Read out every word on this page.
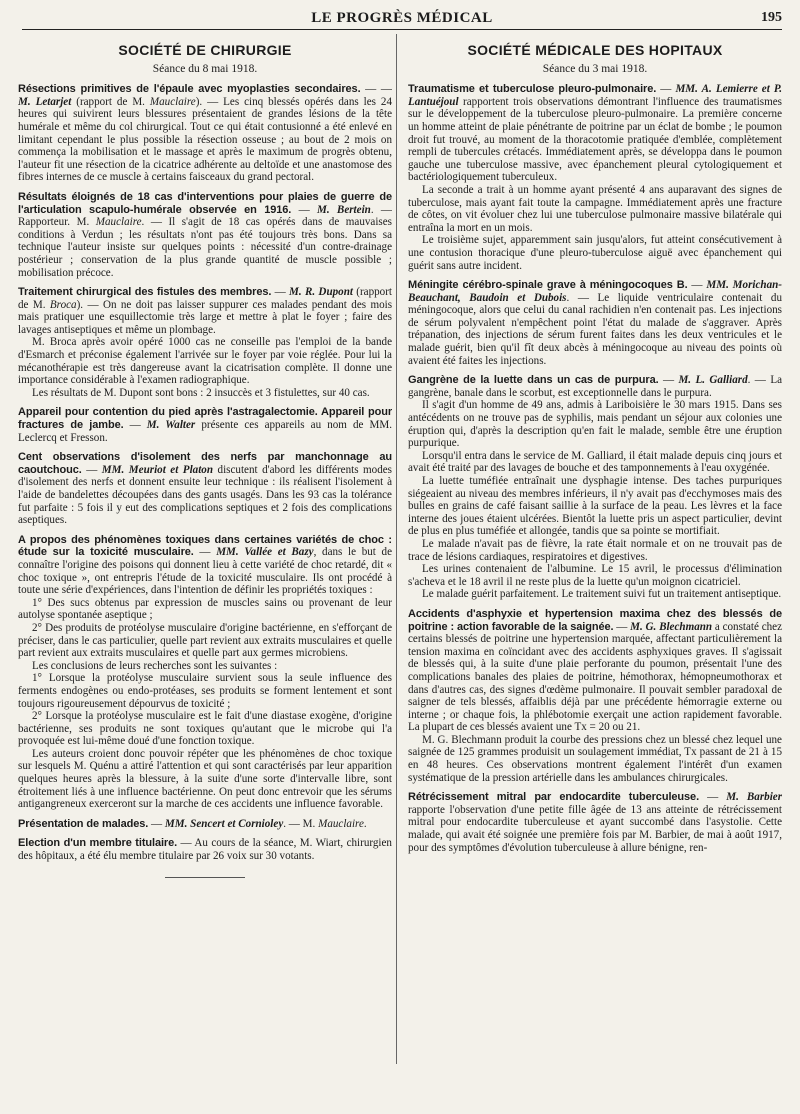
LE PROGRÈS MÉDICAL	195
SOCIÉTÉ DE CHIRURGIE
Séance du 8 mai 1918.

Résections primitives de l'épaule avec myoplasties secondaires. — — M. Letarjet (rapport de M. Mauclaire). — Les cinq blessés opérés dans les 24 heures qui suivirent leurs blessures présentaient de grandes lésions de la tête humérale et même du col chirurgical. Tout ce qui était contusionné a été enlevé en limitant cependant le plus possible la résection osseuse ; au bout de 2 mois on commença la mobilisation et le massage et après le maximum de progrès obtenu, l'auteur fit une résection de la cicatrice adhérente au deltoïde et une anastomose des fibres internes de ce muscle à certains faisceaux du grand pectoral.

Résultats éloignés de 18 cas d'interventions pour plaies de guerre de l'articulation scapulo-humérale observée en 1916. — M. Bertein. — Rapporteur. M. Mauclaire. — Il s'agit de 18 cas opérés dans de mauvaises conditions à Verdun ; les résultats n'ont pas été toujours très bons. Dans sa technique l'auteur insiste sur quelques points : nécessité d'un contre-drainage postérieur ; conservation de la plus grande quantité de muscle possible ; mobilisation précoce.

Traitement chirurgical des fistules des membres. — M. R. Dupont (rapport de M. Broca). — On ne doit pas laisser suppurer ces malades pendant des mois mais pratiquer une esquillectomie très large et mettre à plat le foyer ; faire des lavages antiseptiques et même un plombage.

M. Broca après avoir opéré 1000 cas ne conseille pas l'emploi de la bande d'Esmarch et préconise également l'arrivée sur le foyer par voie réglée. Pour lui la mécanothérapie est très dangereuse avant la cicatrisation complète. Il donne une importance considérable à l'examen radiographique.

Les résultats de M. Dupont sont bons : 2 insuccès et 3 fistulettes, sur 40 cas.

Appareil pour contention du pied après l'astragalectomie. Appareil pour fractures de jambe. — M. Walter présente ces appareils au nom de MM. Leclercq et Fresson.

Cent observations d'isolement des nerfs par manchonnage au caoutchouc. — MM. Meuriot et Platon discutent d'abord les différents modes d'isolement des nerfs et donnent ensuite leur technique : ils réalisent l'isolement à l'aide de bandelettes découpées dans des gants usagés. Dans les 93 cas la tolérance fut parfaite : 5 fois il y eut des complications septiques et 2 fois des complications aseptiques.

A propos des phénomènes toxiques dans certaines variétés de choc : étude sur la toxicité musculaire. — MM. Vallée et Bazy, dans le but de connaître l'origine des poisons qui donnent lieu à cette variété de choc retardé, dit « choc toxique », ont entrepris l'étude de la toxicité musculaire. Ils ont procédé à toute une série d'expériences, dans l'intention de définir les propriétés toxiques :

1° Des sucs obtenus par expression de muscles sains ou provenant de leur autolyse spontanée aseptique ;

2° Des produits de protéolyse musculaire d'origine bactérienne, en s'efforçant de préciser, dans le cas particulier, quelle part revient aux extraits musculaires et quelle part revient aux extraits musculaires et quelle part aux germes microbiens.

Les conclusions de leurs recherches sont les suivantes :

1° Lorsque la protéolyse musculaire survient sous la seule influence des ferments endogènes ou endo-protéases, ses produits se forment lentement et sont toujours rigoureusement dépourvus de toxicité ;

2° Lorsque la protéolyse musculaire est le fait d'une diastase exogène, d'origine bactérienne, ses produits ne sont toxiques qu'autant que le microbe qui l'a provoquée est lui-même doué d'une fonction toxique.

Les auteurs croient donc pouvoir répéter que les phénomènes de choc toxique sur lesquels M. Quénu a attiré l'attention et qui sont caractérisés par leur apparition quelques heures après la blessure, à la suite d'une sorte d'intervalle libre, sont étroitement liés à une influence bactérienne. On peut donc entrevoir que les sérums antigangreneux exerceront sur la marche de ces accidents une influence favorable.

Présentation de malades. — MM. Sencert et Cornioley. — M. Mauclaire.

Election d'un membre titulaire. — Au cours de la séance, M. Wiart, chirurgien des hôpitaux, a été élu membre titulaire par 26 voix sur 30 votants.

SOCIÉTÉ MÉDICALE DES HOPITAUX
Séance du 3 mai 1918.

Traumatisme et tuberculose pleuro-pulmonaire. — MM. A. Lemierre et P. Lantuéjoul rapportent trois observations démontrant l'influence des traumatismes sur le développement de la tuberculose pleuro-pulmonaire. La première concerne un homme atteint de plaie pénétrante de poitrine par un éclat de bombe ; le poumon droit fut trouvé, au moment de la thoracotomie pratiquée d'emblée, complètement rempli de tubercules crétacés. Immédiatement après, se développa dans le poumon gauche une tuberculose massive, avec épanchement pleural cytologiquement et bactériologiquement tuberculeux.

La seconde a trait à un homme ayant présenté 4 ans auparavant des signes de tuberculose, mais ayant fait toute la campagne. Immédiatement après une fracture de côtes, on vit évoluer chez lui une tuberculose pulmonaire massive bilatérale qui entraîna la mort en un mois.

Le troisième sujet, apparemment sain jusqu'alors, fut atteint consécutivement à une contusion thoracique d'une pleuro-tuberculose aiguë avec épanchement qui guérit sans autre incident.

Méningite cérébro-spinale grave à méningocoques B. — MM. Morichan-Beauchant, Baudoin et Dubois. — Le liquide ventriculaire contenait du méningocoque, alors que celui du canal rachidien n'en contenait pas. Les injections de sérum polyvalent n'empêchent point l'état du malade de s'aggraver. Après trépanation, des injections de sérum furent faites dans les deux ventricules et le malade guérit, bien qu'il fît deux abcès à méningocoque au niveau des points où avaient été faites les injections.

Gangrène de la luette dans un cas de purpura. — M. L. Galliard. — La gangrène, banale dans le scorbut, est exceptionnelle dans le purpura.

Il s'agit d'un homme de 49 ans, admis à Lariboisière le 30 mars 1915. Dans ses antécédents on ne trouve pas de syphilis, mais pendant un séjour aux colonies une éruption qui, d'après la description qu'en fait le malade, semble être une éruption purpurique.

Lorsqu'il entra dans le service de M. Galliard, il était malade depuis cinq jours et avait été traité par des lavages de bouche et des tamponnements à l'eau oxygénée.

La luette tuméfiée entraînait une dysphagie intense. Des taches purpuriques siégeaient au niveau des membres inférieurs, il n'y avait pas d'ecchymoses mais des bulles en grains de café faisant saillie à la surface de la peau. Les lèvres et la face interne des joues étaient ulcérées. Bientôt la luette pris un aspect particulier, devint de plus en plus tuméfiée et allongée, tandis que sa pointe se mortifiait.

Le malade n'avait pas de fièvre, la rate était normale et on ne trouvait pas de trace de lésions cardiaques, respiratoires et digestives.

Les urines contenaient de l'albumine. Le 15 avril, le processus d'élimination s'acheva et le 18 avril il ne reste plus de la luette qu'un moignon cicatriciel.

Le malade guérit parfaitement. Le traitement suivi fut un traitement antiseptique.

Accidents d'asphyxie et hypertension maxima chez des blessés de poitrine : action favorable de la saignée. — M. G. Blechmann a constaté chez certains blessés de poitrine une hypertension marquée, affectant particulièrement la tension maxima en coïncidant avec des accidents asphyxiques graves. Il s'agissait de blessés qui, à la suite d'une plaie perforante du poumon, présentait l'une des complications banales des plaies de poitrine, hémothorax, hémopneumothorax et dans d'autres cas, des signes d'œdème pulmonaire. Il pouvait sembler paradoxal de saigner de tels blessés, affaiblis déjà par une précédente hémorragie externe ou interne ; or chaque fois, la phlébotomie exerçait une action rapidement favorable. La plupart de ces blessés avaient une Tx = 20 ou 21.

M. G. Blechmann produit la courbe des pressions chez un blessé chez lequel une saignée de 125 grammes produisit un soulagement immédiat, Tx passant de 21 à 15 en 48 heures. Ces observations montrent également l'intérêt d'un examen systématique de la pression artérielle dans les ambulances chirurgicales.

Rétrécissement mitral par endocardite tuberculeuse. — M. Barbier rapporte l'observation d'une petite fille âgée de 13 ans atteinte de rétrécissement mitral pour endocardite tuberculeuse et ayant succombé dans l'asystolie. Cette malade, qui avait été soignée une première fois par M. Barbier, de mai à août 1917, pour des symptômes d'évolution tuberculeuse à allure bénigne, ren-
